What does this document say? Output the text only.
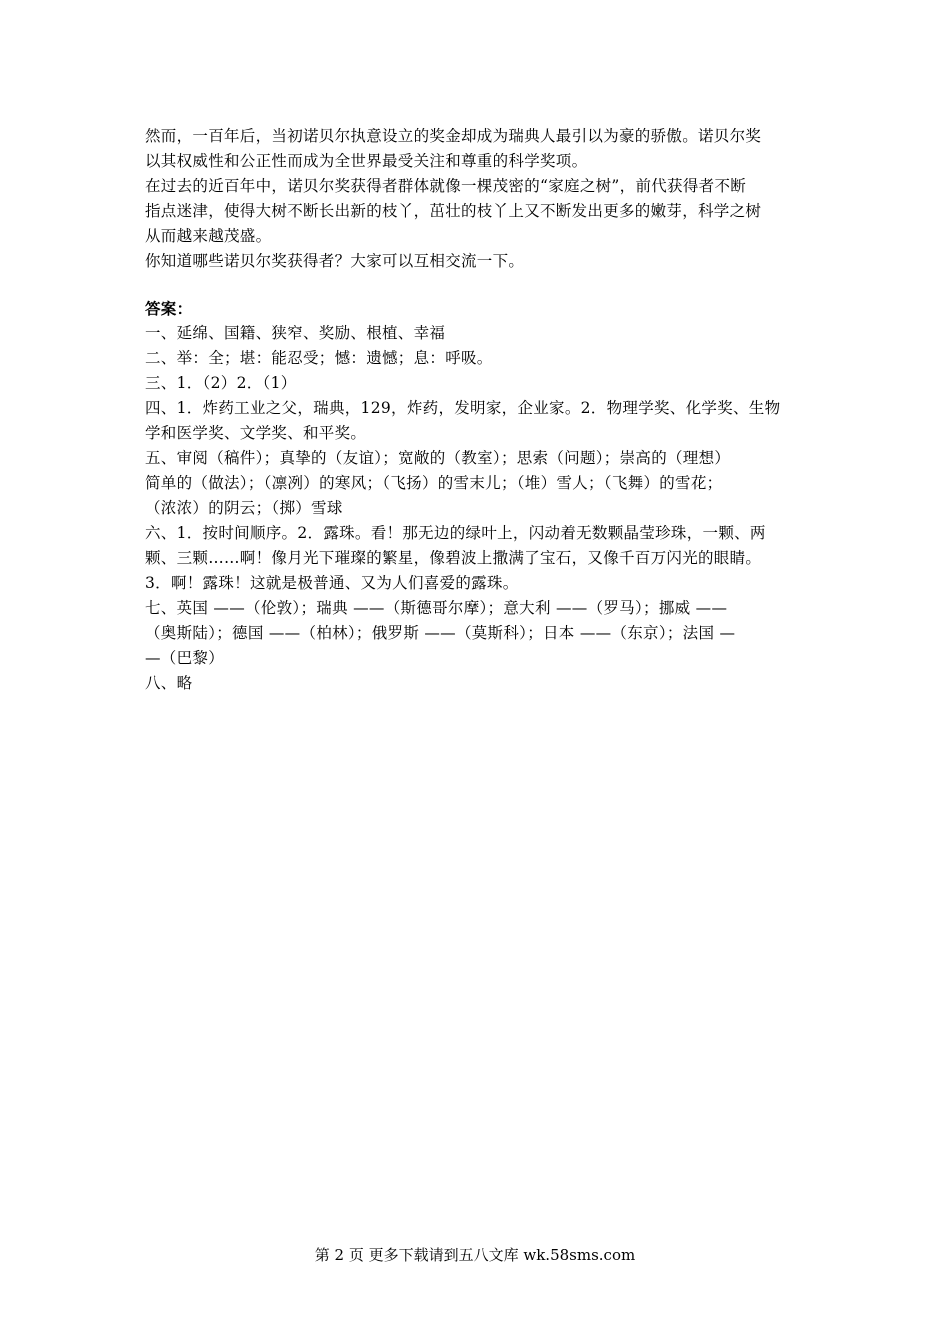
然而，一百年后，当初诺贝尔执意设立的奖金却成为瑞典人最引以为豪的骄傲。诺贝尔奖
以其权威性和公正性而成为全世界最受关注和尊重的科学奖项。
在过去的近百年中，诺贝尔奖获得者群体就像一棵茂密的“家庭之树”，前代获得者不断
指点迷津，使得大树不断长出新的枝丫，茁壮的枝丫上又不断发出更多的嫩芽，科学之树
从而越来越茂盛。
你知道哪些诺贝尔奖获得者？大家可以互相交流一下。
答案：
一、延绵、国籍、狭窄、奖励、根植、幸福
二、举：全；堪：能忍受；憾：遗憾；息：呼吸。
三、1．（2）2．（1）
四、1．炸药工业之父，瑞典，129，炸药，发明家，企业家。2．物理学奖、化学奖、生物
学和医学奖、文学奖、和平奖。
五、审阅（稿件）；真挚的（友谊）；宽敞的（教室）；思索（问题）；崇高的（理想）
简单的（做法）；（凛冽）的寒风；（飞扬）的雪末儿；（堆）雪人；（飞舞）的雪花；
（浓浓）的阴云；（掷）雪球
六、1．按时间顺序。2．露珠。看！那无边的绿叶上，闪动着无数颗晶莹珍珠，一颗、两
颗、三颗……啊！像月光下璀璨的繁星，像碧波上撒满了宝石，又像千百万闪光的眼睛。
3．啊！露珠！这就是极普通、又为人们喜爱的露珠。
七、英国 ——（伦敦）；瑞典 ——（斯德哥尔摩）；意大利 ——（罗马）；挪威 ——
（奥斯陆）；德国 ——（柏林）；俄罗斯 ——（莫斯科）；日本 ——（东京）；法国 —
—（巴黎）
八、略
第 2 页 更多下载请到五八文库 wk.58sms.com
